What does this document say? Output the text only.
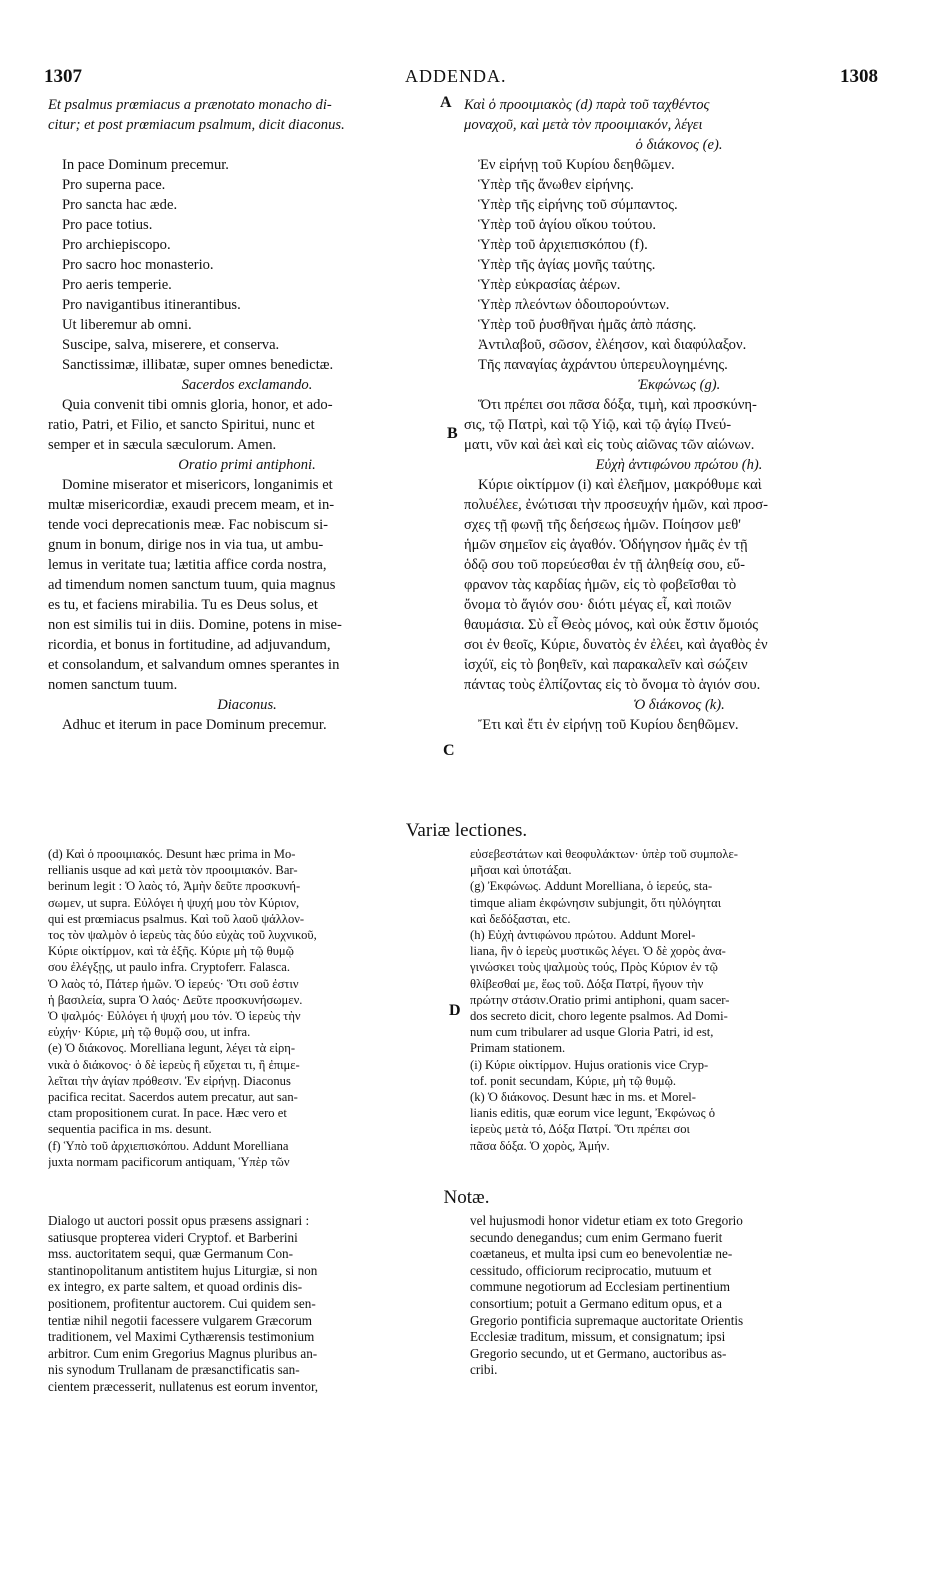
1307	ADDENDA.	1308
A
B
C
D
Et psalmus prœmiacus a prænotato monacho di-
citur; et post prœmiacum psalmum, dicit diaconus.
In pace Dominum precemur.
Pro superna pace.
Pro sancta hac æde.
Pro pace totius.
Pro archiepiscopo.
Pro sacro hoc monasterio.
Pro aeris temperie.
Pro navigantibus itinerantibus.
Ut liberemur ab omni.
Suscipe, salva, miserere, et conserva.
Sanctissimæ, illibatæ, super omnes benedictæ.
Sacerdos exclamando.
Quia convenit tibi omnis gloria, honor, et ado-
ratio, Patri, et Filio, et sancto Spiritui, nunc et
semper et in sæcula sæculorum. Amen.
Oratio primi antiphoni.
Domine miserator et misericors, longanimis et
multæ misericordiæ, exaudi precem meam, et in-
tende voci deprecationis meæ. Fac nobiscum si-
gnum in bonum, dirige nos in via tua, ut ambu-
lemus in veritate tua; lætitia affice corda nostra,
ad timendum nomen sanctum tuum, quia magnus
es tu, et faciens mirabilia. Tu es Deus solus, et
non est similis tui in diis. Domine, potens in mise-
ricordia, et bonus in fortitudine, ad adjuvandum,
et consolandum, et salvandum omnes sperantes in
nomen sanctum tuum.
Diaconus.
Adhuc et iterum in pace Dominum precemur.
Καὶ ὁ προοιμιακὸς (d) παρὰ τοῦ ταχθέντος
μοναχοῦ, καὶ μετὰ τὸν προοιμιακόν, λέγει
ὁ διάκονος (e).
Ἐν εἰρήνῃ τοῦ Κυρίου δεηθῶμεν.
Ὑπὲρ τῆς ἄνωθεν εἰρήνης.
Ὑπὲρ τῆς εἰρήνης τοῦ σύμπαντος.
Ὑπὲρ τοῦ ἁγίου οἴκου τούτου.
Ὑπὲρ τοῦ ἀρχιεπισκόπου (f).
Ὑπὲρ τῆς ἁγίας μονῆς ταύτης.
Ὑπὲρ εὐκρασίας ἀέρων.
Ὑπὲρ πλεόντων ὁδοιπορούντων.
Ὑπὲρ τοῦ ῥυσθῆναι ἡμᾶς ἀπὸ πάσης.
Ἀντιλαβοῦ, σῶσον, ἐλέησον, καὶ διαφύλαξον.
Τῆς παναγίας ἀχράντου ὑπερευλογημένης.
Ἐκφώνως (g).
Ὅτι πρέπει σοι πᾶσα δόξα, τιμὴ, καὶ προσκύνη-
σις, τῷ Πατρὶ, καὶ τῷ Υἱῷ, καὶ τῷ ἁγίῳ Πνεύ-
ματι, νῦν καὶ ἀεὶ καὶ εἰς τοὺς αἰῶνας τῶν αἰώνων.
Εὐχὴ ἀντιφώνου πρώτου (h).
Κύριε οἰκτίρμον (i) καὶ ἐλεῆμον, μακρόθυμε καὶ
πολυέλεε, ἐνώτισαι τὴν προσευχήν ἡμῶν, καὶ προσ-
σχες τῇ φωνῇ τῆς δεήσεως ἡμῶν. Ποίησον μεθ'
ἡμῶν σημεῖον εἰς ἀγαθόν. Ὁδήγησον ἡμᾶς ἐν τῇ
ὁδῷ σου τοῦ πορεύεσθαι ἐν τῇ ἀληθείᾳ σου, εὔ-
φρανον τὰς καρδίας ἡμῶν, εἰς τὸ φοβεῖσθαι τὸ
ὄνομα τὸ ἅγιόν σου· διότι μέγας εἶ, καὶ ποιῶν
θαυμάσια. Σὺ εἶ Θεὸς μόνος, καὶ οὐκ ἔστιν ὅμοιός
σοι ἐν θεοῖς, Κύριε, δυνατὸς ἐν ἐλέει, καὶ ἀγαθὸς ἐν
ἰσχύϊ, εἰς τὸ βοηθεῖν, καὶ παρακαλεῖν καὶ σώζειν
πάντας τοὺς ἐλπίζοντας εἰς τὸ ὄνομα τὸ ἁγιόν σου.
Ὁ διάκονος (k).
Ἔτι καὶ ἔτι ἐν εἰρήνῃ τοῦ Κυρίου δεηθῶμεν.
Variæ lectiones.
(d) Καὶ ὁ προοιμιακός. Desunt hæc prima in Mo-
rellianis usque ad καὶ μετὰ τὸν προοιμιακόν. Bar-
berinum legit : Ὁ λαὸς τό, Ἀμὴν δεῦτε προσκυνή-
σωμεν, ut supra. Εὐλόγει ἡ ψυχή μου τὸν Κύριον,
qui est prœmiacus psalmus. Καὶ τοῦ λαοῦ ψάλλον-
τος τὸν ψαλμὸν ὁ ἱερεὺς τὰς δύο εὐχὰς τοῦ λυχνικοῦ,
Κύριε οἰκτίρμον, καὶ τὰ ἑξῆς. Κύριε μὴ τῷ θυμῷ
σου ἐλέγξῃς, ut paulo infra. Cryptoferr. Falasca.
Ὁ λαὸς τό, Πάτερ ἡμῶν. Ὁ ἱερεύς· Ὅτι σοῦ ἐστιν
ἡ βασιλεία, supra Ὁ λαός· Δεῦτε προσκυνήσωμεν.
Ὁ ψαλμός· Εὐλόγει ἡ ψυχή μου τόν. Ὁ ἱερεὺς τὴν
εὐχήν· Κύριε, μὴ τῷ θυμῷ σου, ut infra.
(e) Ὁ διάκονος. Morelliana legunt, λέγει τὰ εἰρη-
νικὰ ὁ διάκονος· ὁ δὲ ἱερεὺς ἢ εὔχεται τι, ἢ ἐπιμε-
λεῖται τὴν ἁγίαν πρόθεσιν. Ἐν εἰρήνῃ. Diaconus
pacifica recitat. Sacerdos autem precatur, aut san-
ctam propositionem curat. In pace. Hæc vero et
sequentia pacifica in ms. desunt.
(f) Ὑπὸ τοῦ ἀρχιεπισκόπου. Addunt Morelliana
juxta normam pacificorum antiquam, Ὑπὲρ τῶν
εὐσεβεστάτων καὶ θεοφυλάκτων· ὑπὲρ τοῦ συμπολε-
μῆσαι καὶ ὑποτάξαι.
(g) Ἐκφώνως. Addunt Morelliana, ὁ ἱερεύς, sta-
timque aliam ἐκφώνησιν subjungit, ὅτι ηὐλόγηται
καὶ δεδόξασται, etc.
(h) Εὐχὴ ἀντιφώνου πρώτου. Addunt Morel-
liana, ἣν ὁ ἱερεὺς μυστικῶς λέγει. Ὁ δὲ χορὸς ἀνα-
γινώσκει τοὺς ψαλμοὺς τούς, Πρὸς Κύριον ἐν τῷ
θλίβεσθαί με, ἕως τοῦ. Δόξα Πατρί, ἤγουν τὴν
πρώτην στάσιν.Oratio primi antiphoni, quam sacer-
dos secreto dicit, choro legente psalmos. Ad Domi-
num cum tribularer ad usque Gloria Patri, id est,
Primam stationem.
(i) Κύριε οἰκτίρμον. Hujus orationis vice Cryp-
tof. ponit secundam, Κύριε, μὴ τῷ θυμῷ.
(k) Ὁ διάκονος. Desunt hæc in ms. et Morel-
lianis editis, quæ eorum vice legunt, Ἐκφώνως ὁ
ἱερεὺς μετὰ τό, Δόξα Πατρί. Ὅτι πρέπει σοι
πᾶσα δόξα. Ὁ χορὸς, Ἀμήν.
Notæ.
Dialogo ut auctori possit opus præsens assignari :
satiusque propterea videri Cryptof. et Barberini
mss. auctoritatem sequi, quæ Germanum Con-
stantinopolitanum antistitem hujus Liturgiæ, si non
ex integro, ex parte saltem, et quoad ordinis dis-
positionem, profitentur auctorem. Cui quidem sen-
tentiæ nihil negotii facessere vulgarem Græcorum
traditionem, vel Maximi Cythærensis testimonium
arbitror. Cum enim Gregorius Magnus pluribus an-
nis synodum Trullanam de præsanctificatis san-
cientem præcesserit, nullatenus est eorum inventor,
vel hujusmodi honor videtur etiam ex toto Gregorio
secundo denegandus; cum enim Germano fuerit
coætaneus, et multa ipsi cum eo benevolentiæ ne-
cessitudo, officiorum reciprocatio, mutuum et
commune negotiorum ad Ecclesiam pertinentium
consortium; potuit a Germano editum opus, et a
Gregorio pontificia supremaque auctoritate Orientis
Ecclesiæ traditum, missum, et consignatum; ipsi
Gregorio secundo, ut et Germano, auctoribus as-
cribi.
